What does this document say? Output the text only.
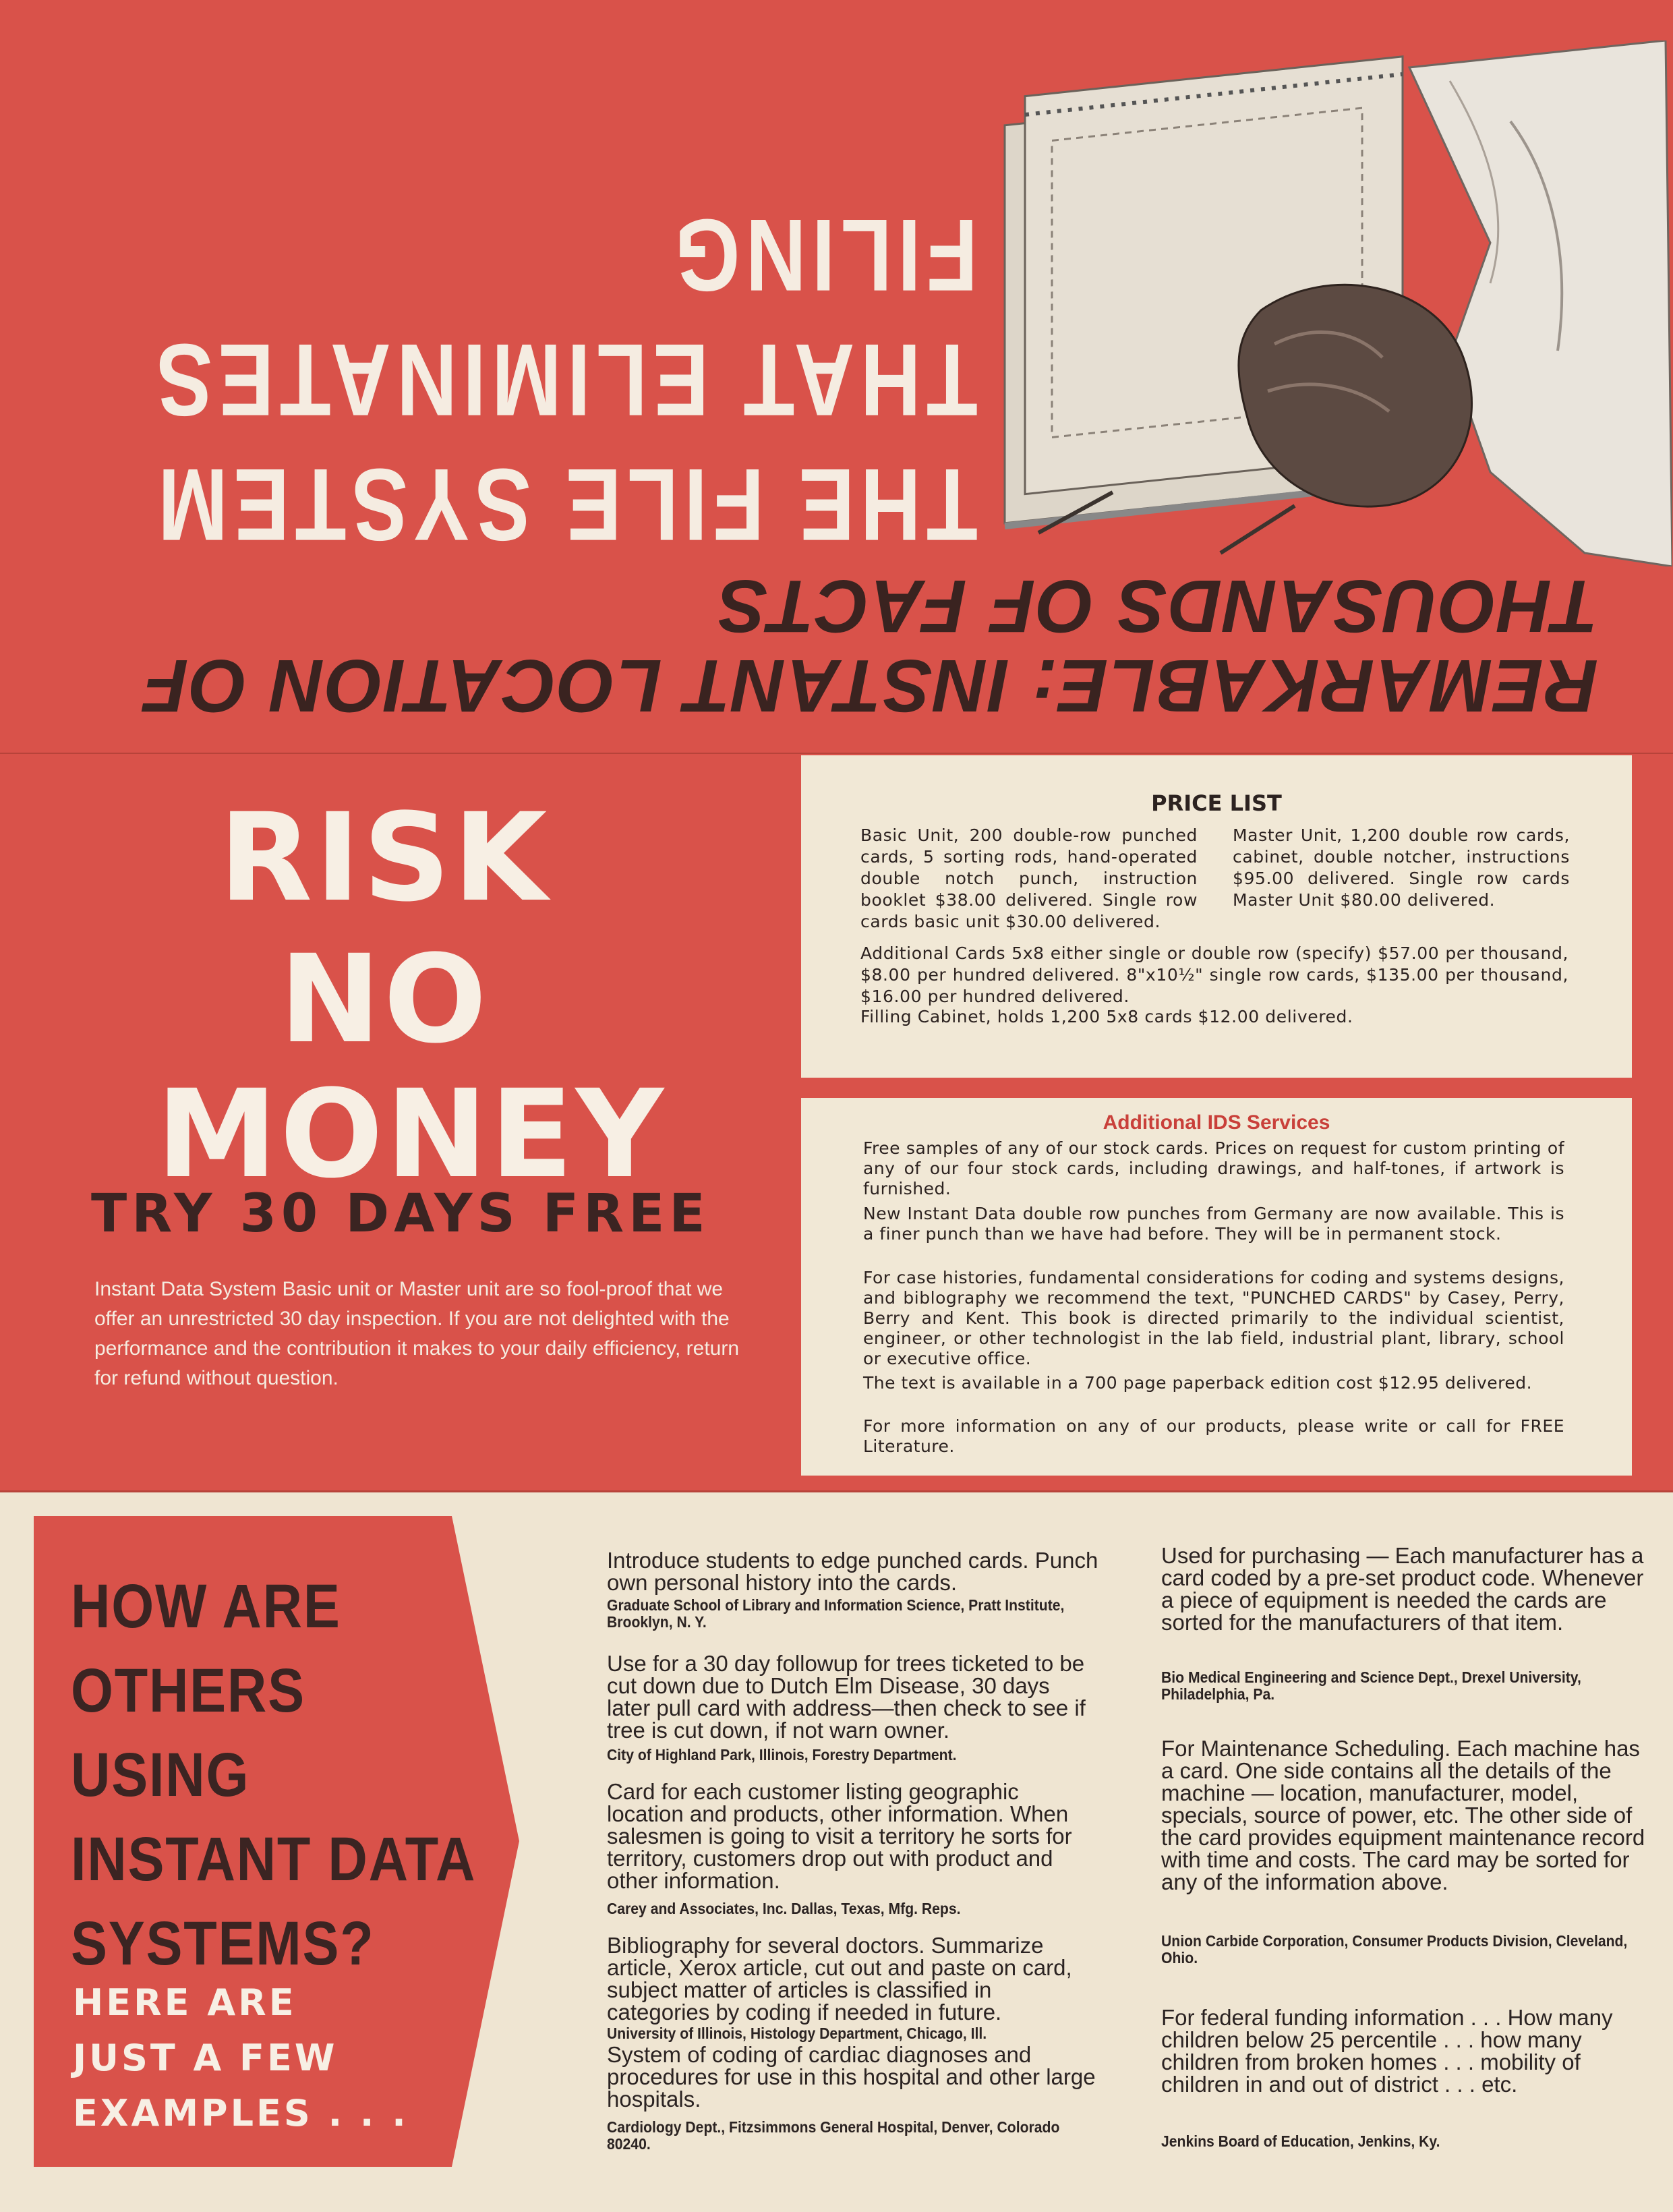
REMARKABLE: INSTANT LOCATION OF
THOUSANDS OF FACTS
THE FILE SYSTEM
THAT ELIMINATES
FILING
RISK
NO
MONEY
TRY 30 DAYS FREE
Instant Data System Basic unit or Master unit are so fool-proof that we offer an unrestricted 30 day inspection. If you are not delighted with the performance and the contribution it makes to your daily efficiency, return for refund without question.
PRICE LIST
Basic Unit, 200 double-row punched cards, 5 sorting rods, hand-operated double notch punch, instruction booklet $38.00 delivered. Single row cards basic unit $30.00 delivered.
Master Unit, 1,200 double row cards, cabinet, double notcher, instructions $95.00 delivered. Single row cards Master Unit $80.00 delivered.
Additional Cards 5x8 either single or double row (specify) $57.00 per thousand, $8.00 per hundred delivered. 8"x10½" single row cards, $135.00 per thousand, $16.00 per hundred delivered.
Filling Cabinet, holds 1,200 5x8 cards $12.00 delivered.
Additional IDS Services
Free samples of any of our stock cards. Prices on request for custom printing of any of our four stock cards, including drawings, and half-tones, if artwork is furnished.
New Instant Data double row punches from Germany are now available. This is a finer punch than we have had before. They will be in permanent stock.
For case histories, fundamental considerations for coding and systems designs, and biblography we recommend the text, "PUNCHED CARDS" by Casey, Perry, Berry and Kent. This book is directed primarily to the individual scientist, engineer, or other technologist in the lab field, industrial plant, library, school or executive office.
The text is available in a 700 page paperback edition cost $12.95 delivered.
For more information on any of our products, please write or call for FREE Literature.
HOW ARE
OTHERS
USING
INSTANT DATA
SYSTEMS?
HERE ARE
JUST A FEW
EXAMPLES . . .
Introduce students to edge punched cards. Punch own personal history into the cards.
Graduate School of Library and Information Science, Pratt Institute, Brooklyn, N. Y.
Use for a 30 day followup for trees ticketed to be cut down due to Dutch Elm Disease, 30 days later pull card with address—then check to see if tree is cut down, if not warn owner.
City of Highland Park, Illinois, Forestry Department.
Card for each customer listing geographic location and products, other information. When salesmen is going to visit a territory he sorts for territory, customers drop out with product and other information.
Carey and Associates, Inc. Dallas, Texas, Mfg. Reps.
Bibliography for several doctors. Summarize article, Xerox article, cut out and paste on card, subject matter of articles is classified in categories by coding if needed in future.
University of Illinois, Histology Department, Chicago, Ill.
System of coding of cardiac diagnoses and procedures for use in this hospital and other large hospitals.
Cardiology Dept., Fitzsimmons General Hospital, Denver, Colorado 80240.
Used for purchasing — Each manufacturer has a card coded by a pre-set product code. Whenever a piece of equipment is needed the cards are sorted for the manufacturers of that item.
Bio Medical Engineering and Science Dept., Drexel University, Philadelphia, Pa.
For Maintenance Scheduling. Each machine has a card. One side contains all the details of the machine — location, manufacturer, model, specials, source of power, etc. The other side of the card provides equipment maintenance record with time and costs. The card may be sorted for any of the information above.
Union Carbide Corporation, Consumer Products Division, Cleveland, Ohio.
For federal funding information . . . How many children below 25 percentile . . . how many children from broken homes . . . mobility of children in and out of district . . . etc.
Jenkins Board of Education, Jenkins, Ky.
